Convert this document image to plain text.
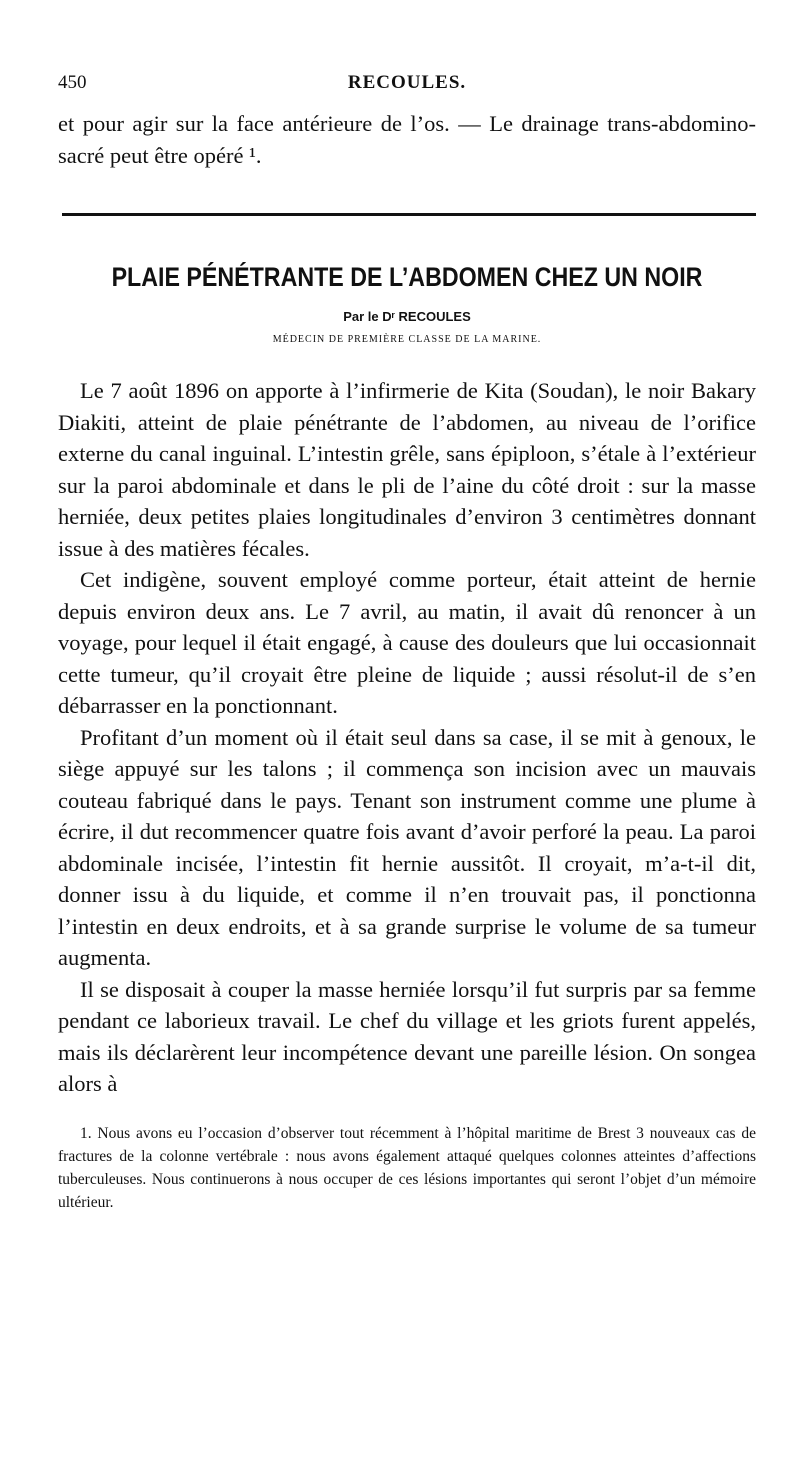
450	RECOULES.

et pour agir sur la face antérieure de l’os. — Le drainage trans-abdomino-sacré peut être opéré ¹.

PLAIE PÉNÉTRANTE DE L’ABDOMEN CHEZ UN NOIR

Par le Dʳ RECOULES

MÉDECIN DE PREMIÈRE CLASSE DE LA MARINE.

Le 7 août 1896 on apporte à l’infirmerie de Kita (Soudan), le noir Bakary Diakiti, atteint de plaie pénétrante de l’abdomen, au niveau de l’orifice externe du canal inguinal. L’intestin grêle, sans épiploon, s’étale à l’extérieur sur la paroi abdominale et dans le pli de l’aine du côté droit : sur la masse herniée, deux petites plaies longitudinales d’environ 3 centimètres donnant issue à des matières fécales.

Cet indigène, souvent employé comme porteur, était atteint de hernie depuis environ deux ans. Le 7 avril, au matin, il avait dû renoncer à un voyage, pour lequel il était engagé, à cause des douleurs que lui occasionnait cette tumeur, qu’il croyait être pleine de liquide ; aussi résolut-il de s’en débarrasser en la ponctionnant.

Profitant d’un moment où il était seul dans sa case, il se mit à genoux, le siège appuyé sur les talons ; il commença son incision avec un mauvais couteau fabriqué dans le pays. Tenant son instrument comme une plume à écrire, il dut recommencer quatre fois avant d’avoir perforé la peau. La paroi abdominale incisée, l’intestin fit hernie aussitôt. Il croyait, m’a-t-il dit, donner issu à du liquide, et comme il n’en trouvait pas, il ponctionna l’intestin en deux endroits, et à sa grande surprise le volume de sa tumeur augmenta.

Il se disposait à couper la masse herniée lorsqu’il fut surpris par sa femme pendant ce laborieux travail. Le chef du village et les griots furent appelés, mais ils déclarèrent leur incompétence devant une pareille lésion. On songea alors à

1. Nous avons eu l’occasion d’observer tout récemment à l’hôpital maritime de Brest 3 nouveaux cas de fractures de la colonne vertébrale : nous avons également attaqué quelques colonnes atteintes d’affections tuberculeuses. Nous continuerons à nous occuper de ces lésions importantes qui seront l’objet d’un mémoire ultérieur.
